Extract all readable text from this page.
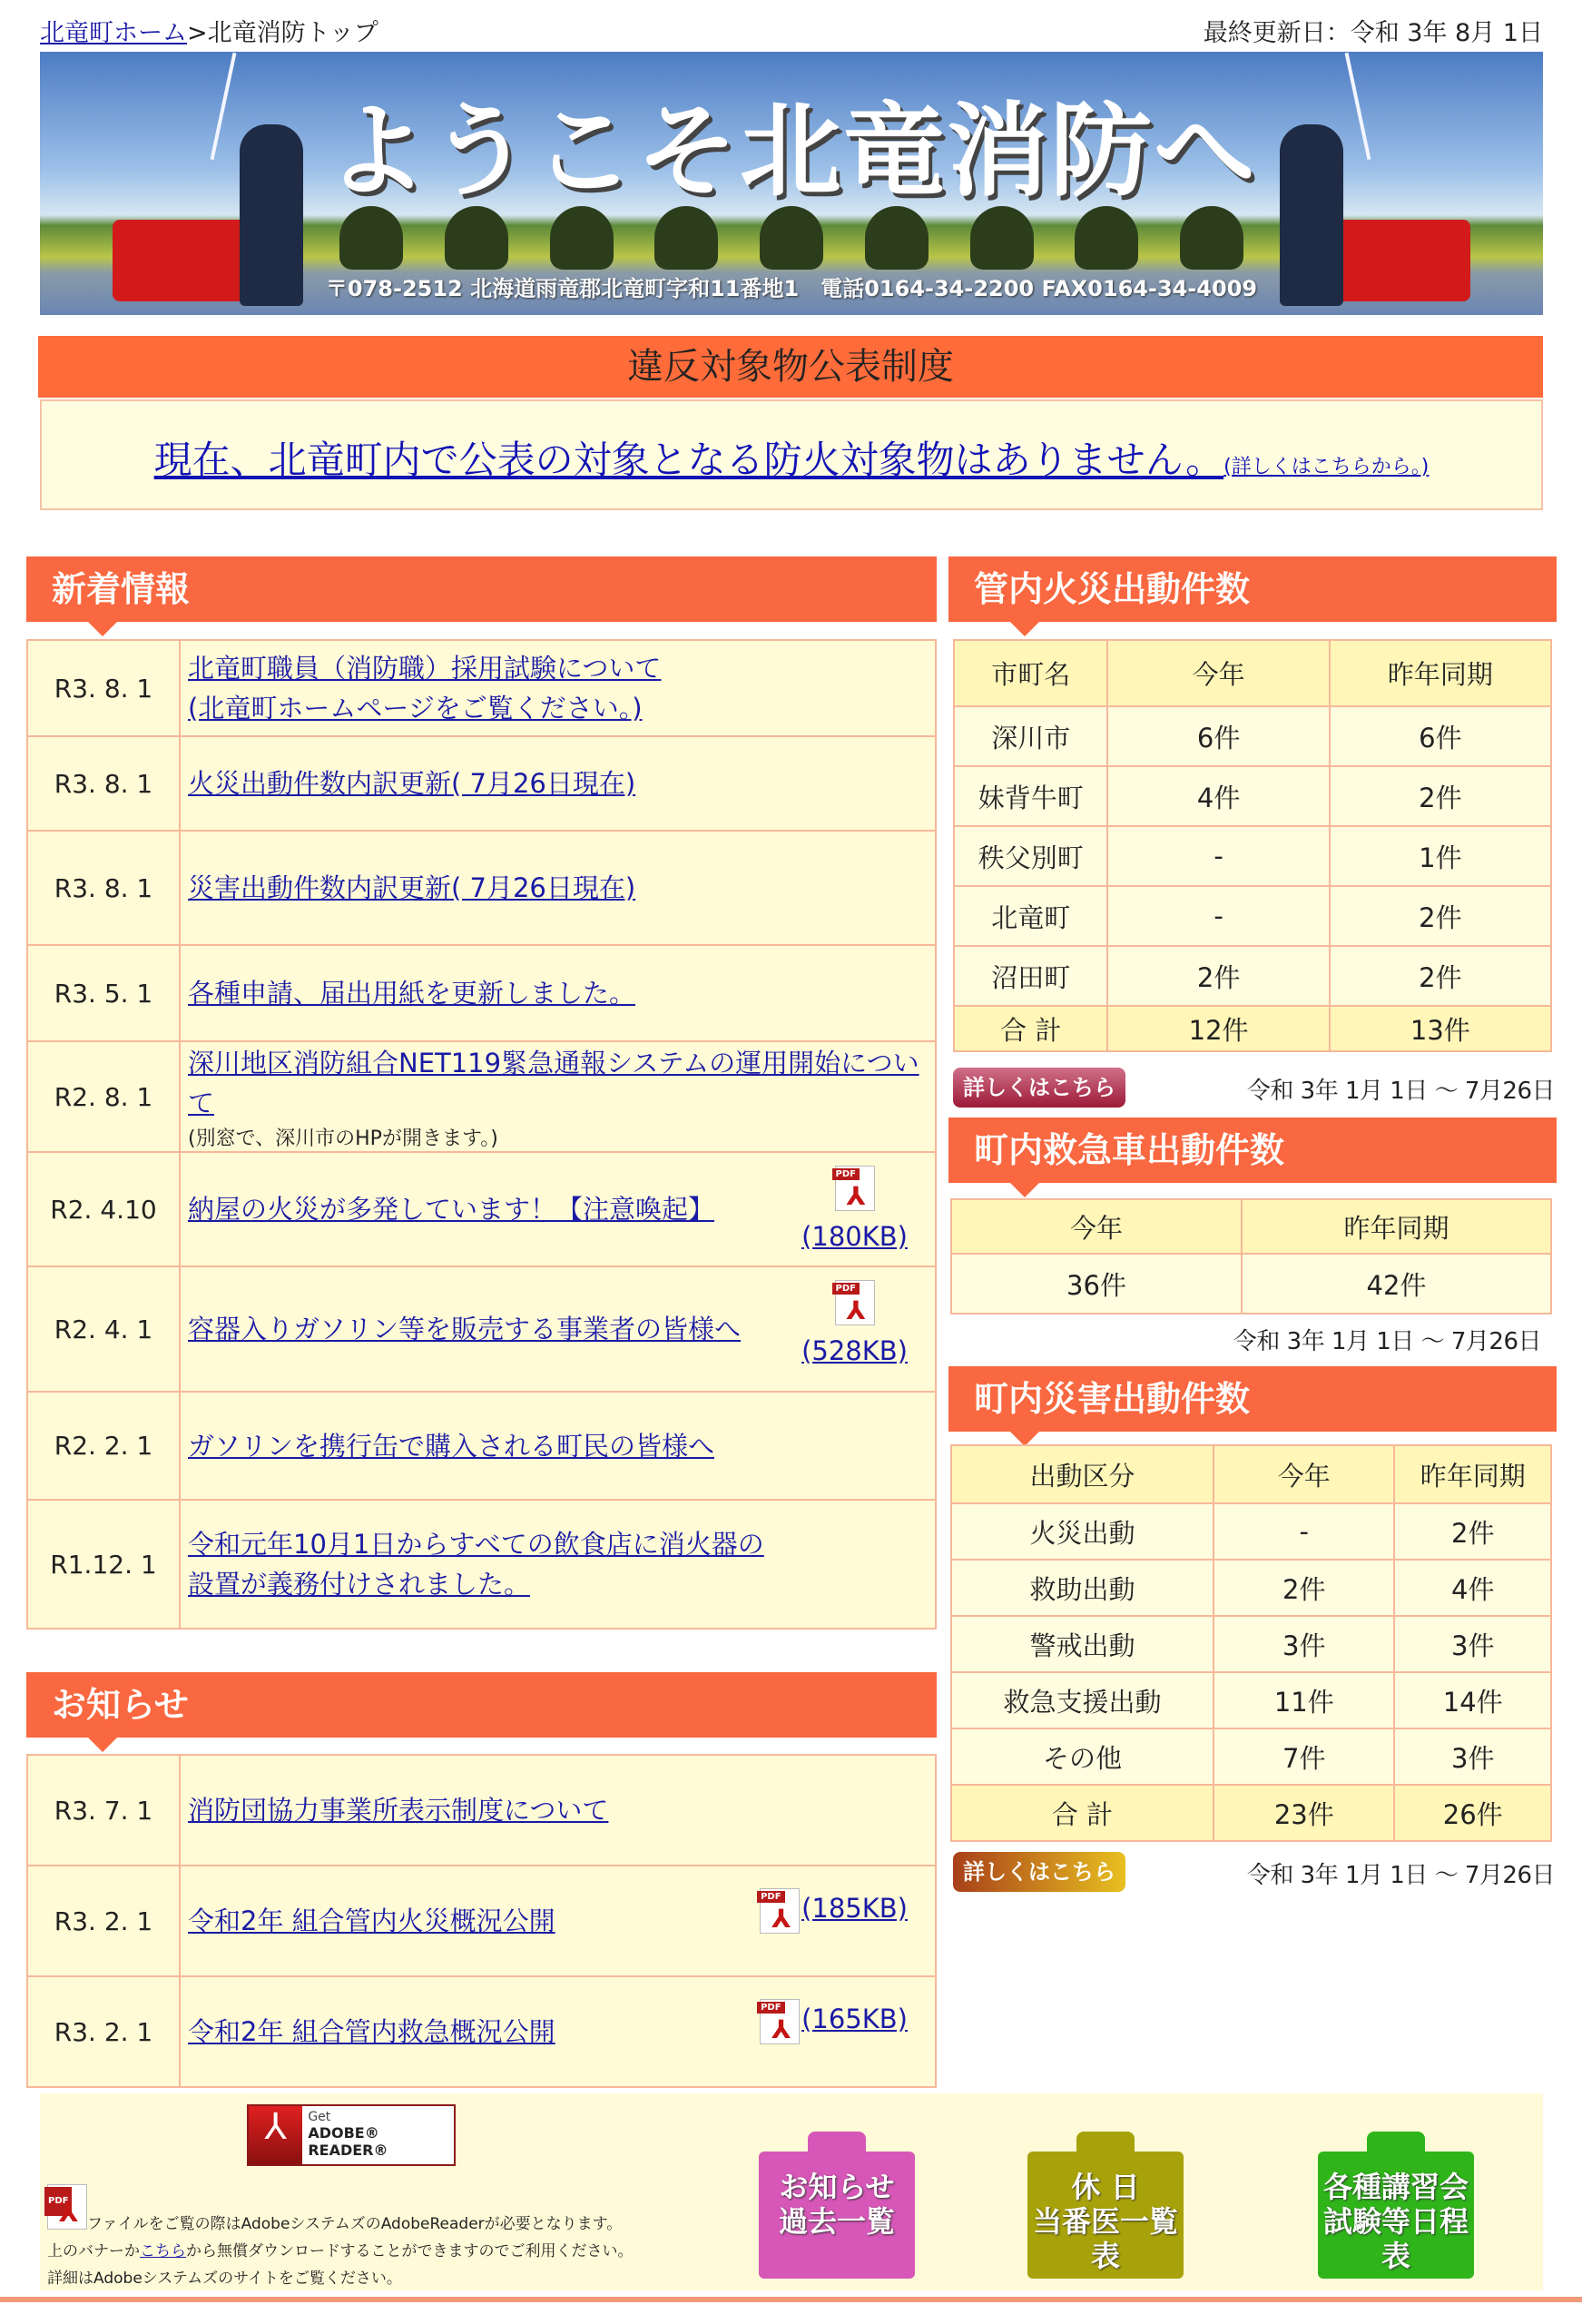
北竜町ホーム>北竜消防トップ	最終更新日：令和 3年 8月 1日
ようこそ北竜消防へ
〒078-2512 北海道雨竜郡北竜町字和11番地1　電話0164-34-2200 FAX0164-34-4009
違反対象物公表制度
現在、北竜町内で公表の対象となる防火対象物はありません。(詳しくはこちらから。)
新着情報
R3. 8. 1	北竜町職員（消防職）採用試験について
(北竜町ホームページをご覧ください。)
R3. 8. 1	火災出動件数内訳更新( 7月26日現在)
R3. 8. 1	災害出動件数内訳更新( 7月26日現在)
R3. 5. 1	各種申請、届出用紙を更新しました。
R2. 8. 1	深川地区消防組合NET119緊急通報システムの運用開始について
(別窓で、深川市のHPが開きます。)

R2. 4.10	納屋の火災が多発しています！【注意喚起】
PDF ⅄
(180KB)

R2. 4. 1	容器入りガソリン等を販売する事業者の皆様へ
PDF ⅄
(528KB)

R2. 2. 1	ガソリンを携行缶で購入される町民の皆様へ
R1.12. 1	令和元年10月1日からすべての飲食店に消火器の
設置が義務付けされました。
お知らせ
R3. 7. 1	消防団協力事業所表示制度について
R3. 2. 1	令和2年 組合管内火災概況公開 PDF ⅄ (185KB)

R3. 2. 1	令和2年 組合管内救急概況公開 PDF ⅄ (165KB)
管内火災出動件数
市町名	今年	昨年同期
深川市	6件	6件
妹背牛町	4件	2件
秩父別町	-	1件
北竜町	-	2件
沼田町	2件	2件
合 計	12件	13件
詳しくはこちら	令和 3年 1月 1日 ～ 7月26日
町内救急車出動件数
今年	昨年同期
36件	42件
令和 3年 1月 1日 ～ 7月26日
町内災害出動件数
出動区分	今年	昨年同期
火災出動	-	2件
救助出動	2件	4件
警戒出動	3件	3件
救急支援出動	11件	14件
その他	7件	3件
合 計	23件	26件
詳しくはこちら	令和 3年 1月 1日 ～ 7月26日
⅄	Get
ADOBE® READER®
PDF ⅄ファイルをご覧の際はAdobeシステムズのAdobeReaderが必要となります。
上のバナーかこちらから無償ダウンロードすることができますのでご利用ください。
詳細はAdobeシステムズのサイトをご覧ください。
お知らせ
過去一覧
休 日
当番医一覧表
各種講習会
試験等日程表
